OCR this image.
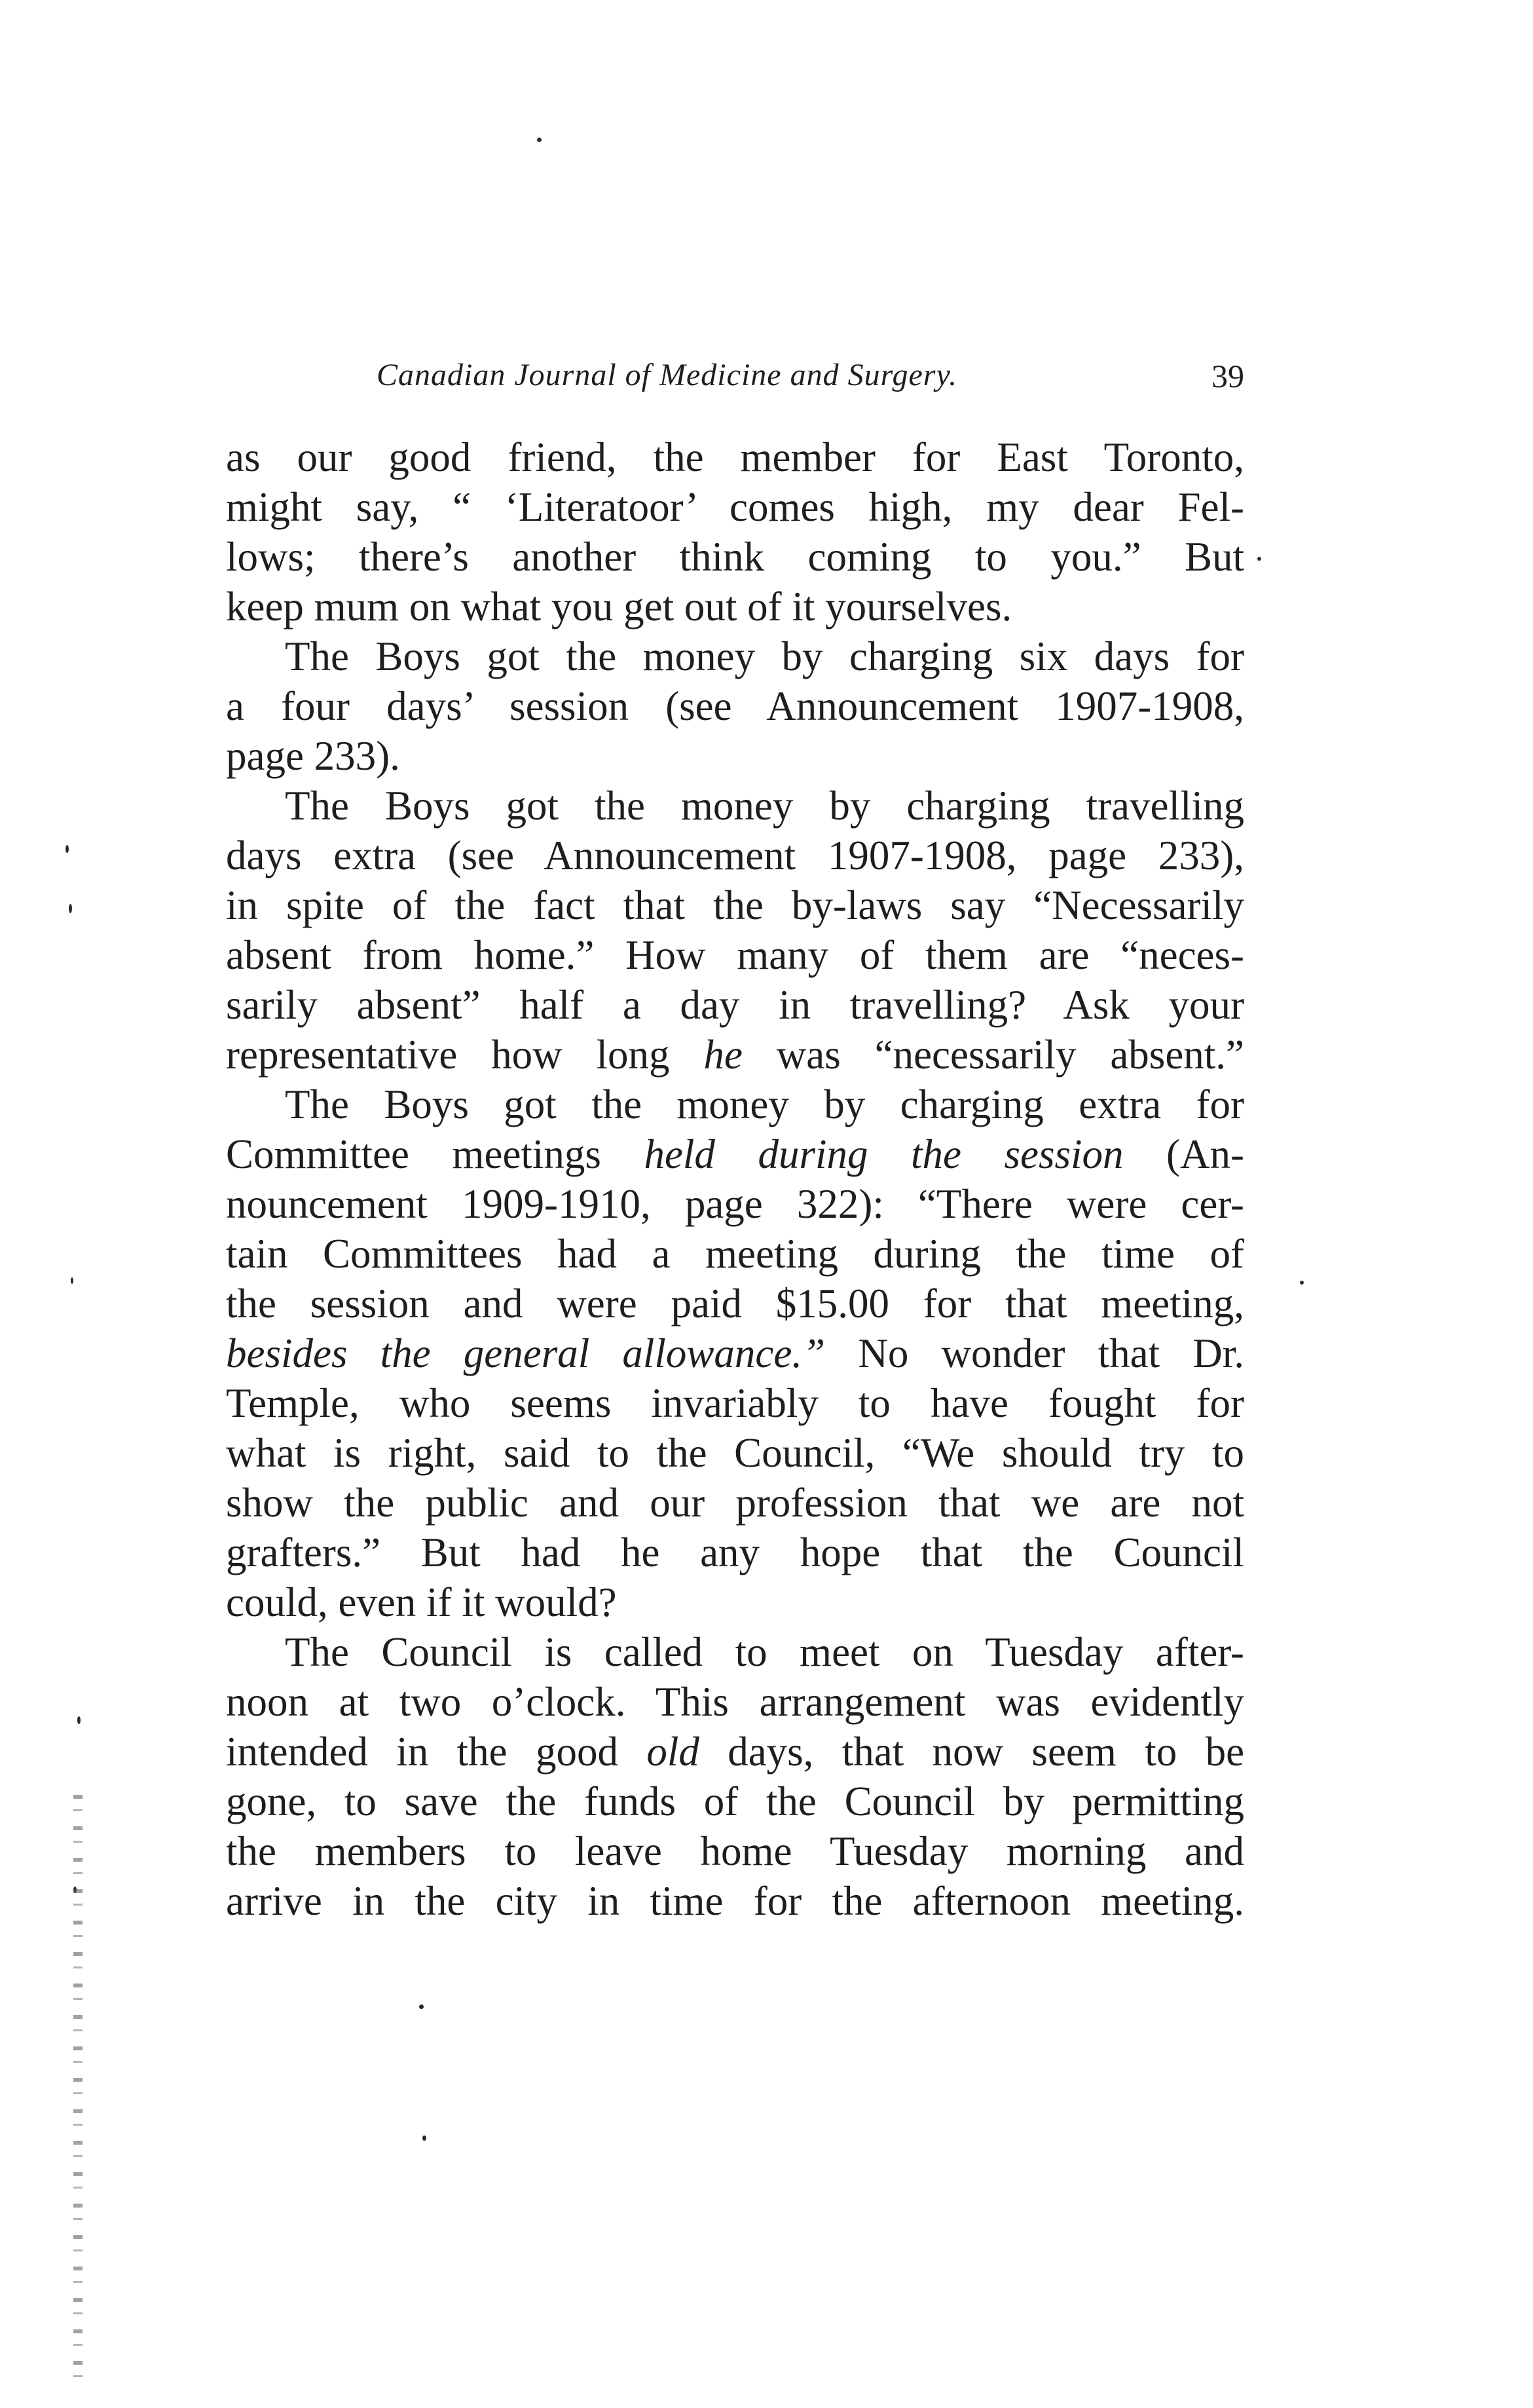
Canadian Journal of Medicine and Surgery.	39
as our good friend, the member for East Toronto,
might say, “ ‘Literatoor’ comes high, my dear Fel-
lows; there’s another think coming to you.” But
keep mum on what you get out of it yourselves.
The Boys got the money by charging six days for
a four days’ session (see Announcement 1907-1908,
page 233).
The Boys got the money by charging travelling
days extra (see Announcement 1907-1908, page 233),
in spite of the fact that the by-laws say “Necessarily
absent from home.” How many of them are “neces-
sarily absent” half a day in travelling? Ask your
representative how long he was “necessarily absent.”
The Boys got the money by charging extra for
Committee meetings held during the session (An-
nouncement 1909-1910, page 322): “There were cer-
tain Committees had a meeting during the time of
the session and were paid $15.00 for that meeting,
besides the general allowance.” No wonder that Dr.
Temple, who seems invariably to have fought for
what is right, said to the Council, “We should try to
show the public and our profession that we are not
grafters.” But had he any hope that the Council
could, even if it would?
The Council is called to meet on Tuesday after-
noon at two o’clock. This arrangement was evidently
intended in the good old days, that now seem to be
gone, to save the funds of the Council by permitting
the members to leave home Tuesday morning and
arrive in the city in time for the afternoon meeting.
